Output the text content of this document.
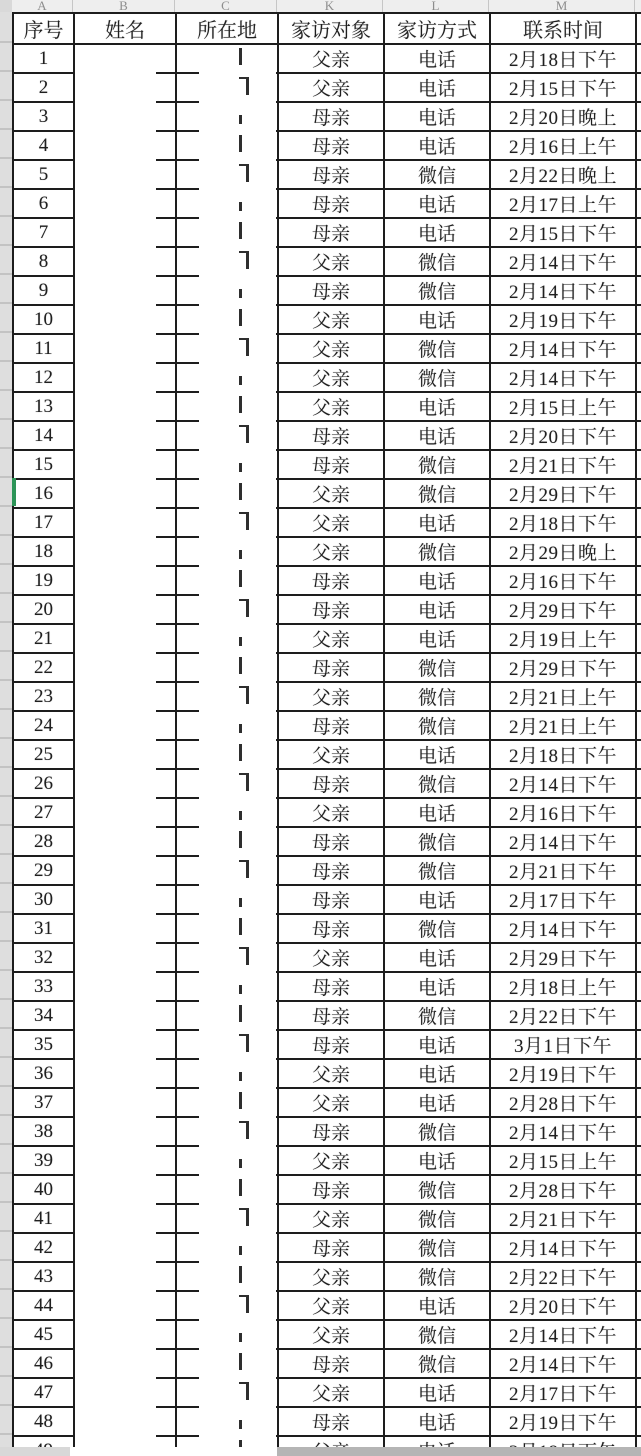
A	B	C	K	L	M
序号	姓名	所在地	家访对象	家访方式	联系时间	
1			父亲	电话	2月18日下午	
2			父亲	电话	2月15日下午	
3			母亲	电话	2月20日晚上	
4			母亲	电话	2月16日上午	
5			母亲	微信	2月22日晚上	
6			母亲	电话	2月17日上午	
7			母亲	电话	2月15日下午	
8			父亲	微信	2月14日下午	
9			母亲	微信	2月14日下午	
10			父亲	电话	2月19日下午	
11			父亲	微信	2月14日下午	
12			父亲	微信	2月14日下午	
13			父亲	电话	2月15日上午	
14			母亲	电话	2月20日下午	
15			母亲	微信	2月21日下午	
16			父亲	微信	2月29日下午	
17			父亲	电话	2月18日下午	
18			父亲	微信	2月29日晚上	
19			母亲	电话	2月16日下午	
20			母亲	电话	2月29日下午	
21			父亲	电话	2月19日上午	
22			母亲	微信	2月29日下午	
23			父亲	微信	2月21日上午	
24			母亲	微信	2月21日上午	
25			父亲	电话	2月18日下午	
26			母亲	微信	2月14日下午	
27			父亲	电话	2月16日下午	
28			母亲	微信	2月14日下午	
29			母亲	微信	2月21日下午	
30			母亲	电话	2月17日下午	
31			母亲	微信	2月14日下午	
32			父亲	电话	2月29日下午	
33			母亲	电话	2月18日上午	
34			母亲	微信	2月22日下午	
35			母亲	电话	3月1日下午	
36			父亲	电话	2月19日下午	
37			父亲	电话	2月28日下午	
38			母亲	微信	2月14日下午	
39			父亲	电话	2月15日上午	
40			母亲	微信	2月28日下午	
41			父亲	微信	2月21日下午	
42			母亲	微信	2月14日下午	
43			父亲	微信	2月22日下午	
44			父亲	电话	2月20日下午	
45			父亲	微信	2月14日下午	
46			母亲	微信	2月14日下午	
47			父亲	电话	2月17日下午	
48			母亲	电话	2月19日下午	
